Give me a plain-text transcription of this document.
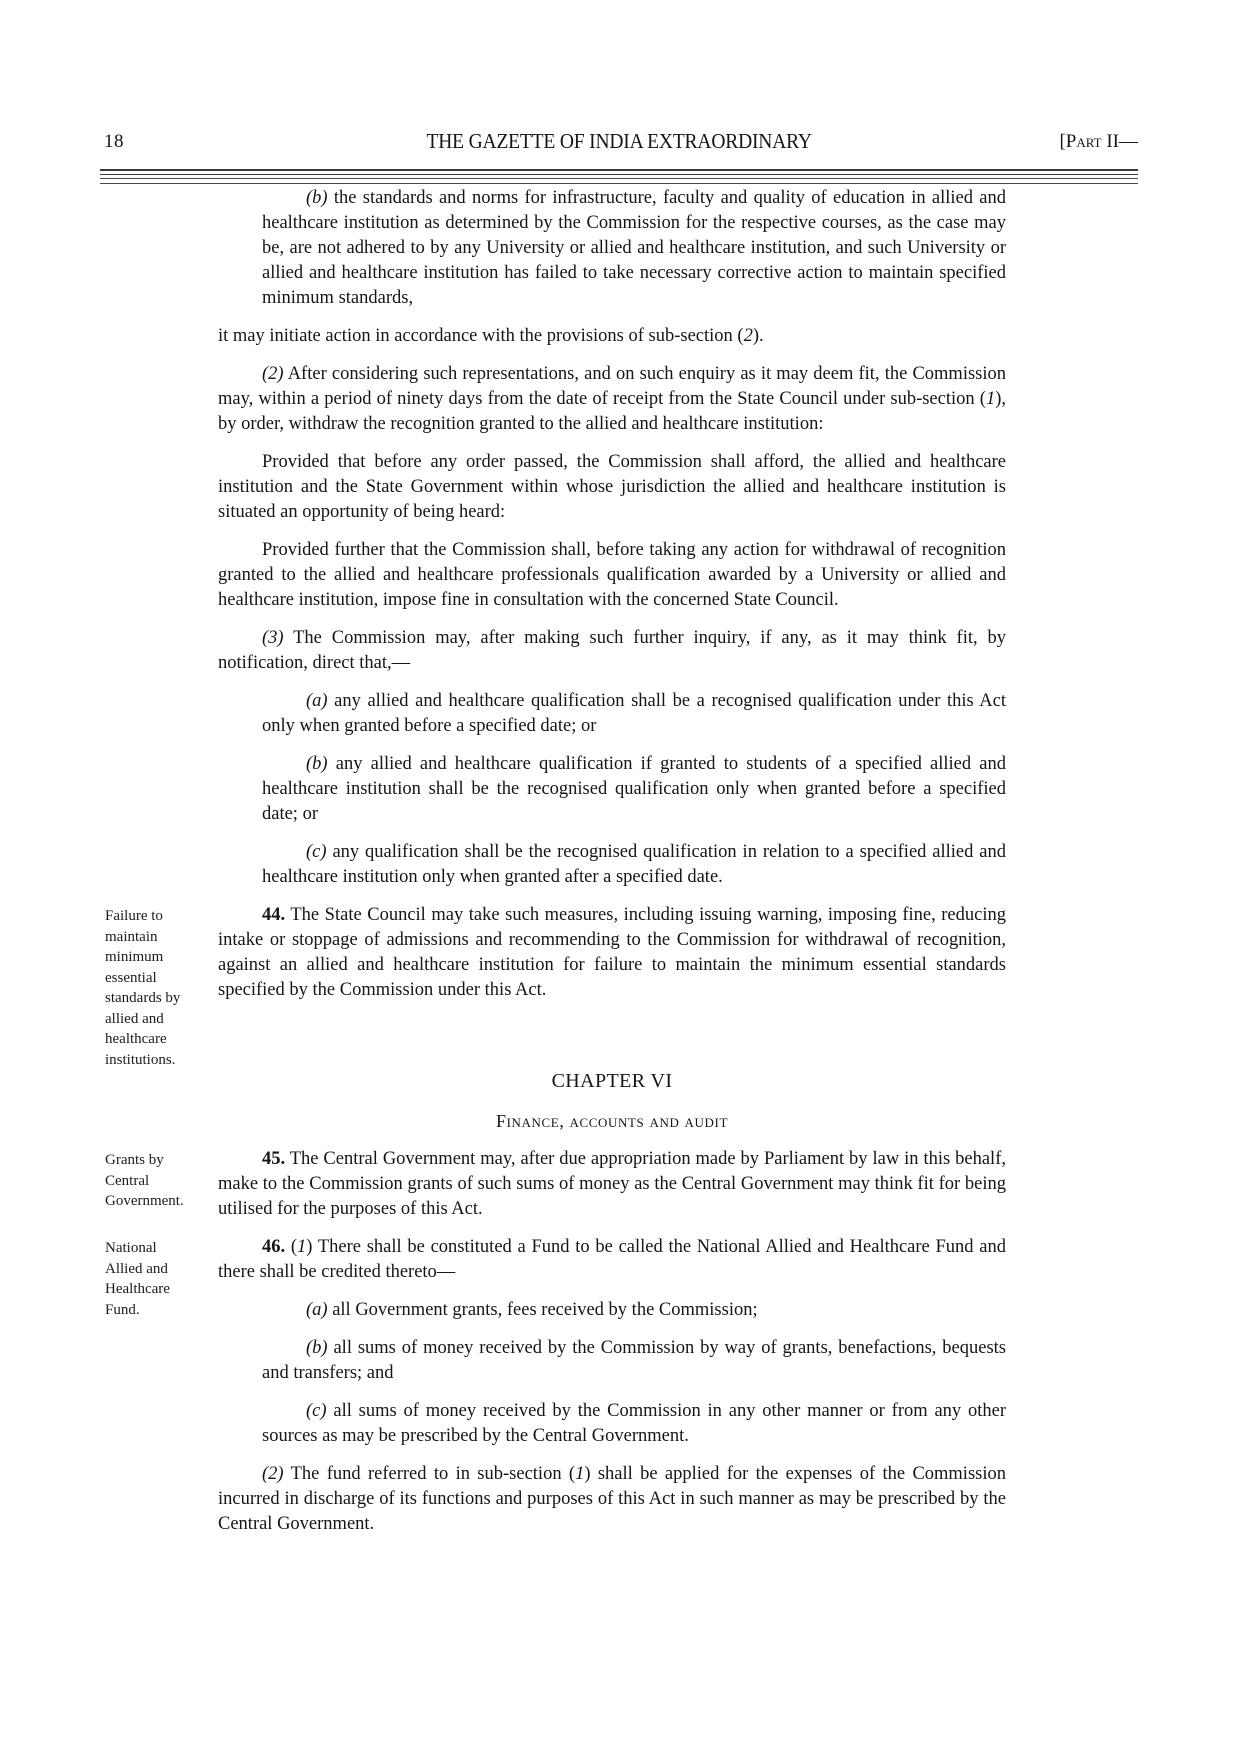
18	THE GAZETTE OF INDIA EXTRAORDINARY	[Part II—
(b) the standards and norms for infrastructure, faculty and quality of education in allied and healthcare institution as determined by the Commission for the respective courses, as the case may be, are not adhered to by any University or allied and healthcare institution, and such University or allied and healthcare institution has failed to take necessary corrective action to maintain specified minimum standards,
it may initiate action in accordance with the provisions of sub-section (2).
(2) After considering such representations, and on such enquiry as it may deem fit, the Commission may, within a period of ninety days from the date of receipt from the State Council under sub-section (1), by order, withdraw the recognition granted to the allied and healthcare institution:
Provided that before any order passed, the Commission shall afford, the allied and healthcare institution and the State Government within whose jurisdiction the allied and healthcare institution is situated an opportunity of being heard:
Provided further that the Commission shall, before taking any action for withdrawal of recognition granted to the allied and healthcare professionals qualification awarded by a University or allied and healthcare institution, impose fine in consultation with the concerned State Council.
(3) The Commission may, after making such further inquiry, if any, as it may think fit, by notification, direct that,—
(a) any allied and healthcare qualification shall be a recognised qualification under this Act only when granted before a specified date; or
(b) any allied and healthcare qualification if granted to students of a specified allied and healthcare institution shall be the recognised qualification only when granted before a specified date; or
(c) any qualification shall be the recognised qualification in relation to a specified allied and healthcare institution only when granted after a specified date.
Failure to maintain minimum essential standards by allied and healthcare institutions.
44. The State Council may take such measures, including issuing warning, imposing fine, reducing intake or stoppage of admissions and recommending to the Commission for withdrawal of recognition, against an allied and healthcare institution for failure to maintain the minimum essential standards specified by the Commission under this Act.
CHAPTER VI
Finance, accounts and audit
Grants by Central Government.
45. The Central Government may, after due appropriation made by Parliament by law in this behalf, make to the Commission grants of such sums of money as the Central Government may think fit for being utilised for the purposes of this Act.
National Allied and Healthcare Fund.
46. (1) There shall be constituted a Fund to be called the National Allied and Healthcare Fund and there shall be credited thereto—
(a) all Government grants, fees received by the Commission;
(b) all sums of money received by the Commission by way of grants, benefactions, bequests and transfers; and
(c) all sums of money received by the Commission in any other manner or from any other sources as may be prescribed by the Central Government.
(2) The fund referred to in sub-section (1) shall be applied for the expenses of the Commission incurred in discharge of its functions and purposes of this Act in such manner as may be prescribed by the Central Government.
